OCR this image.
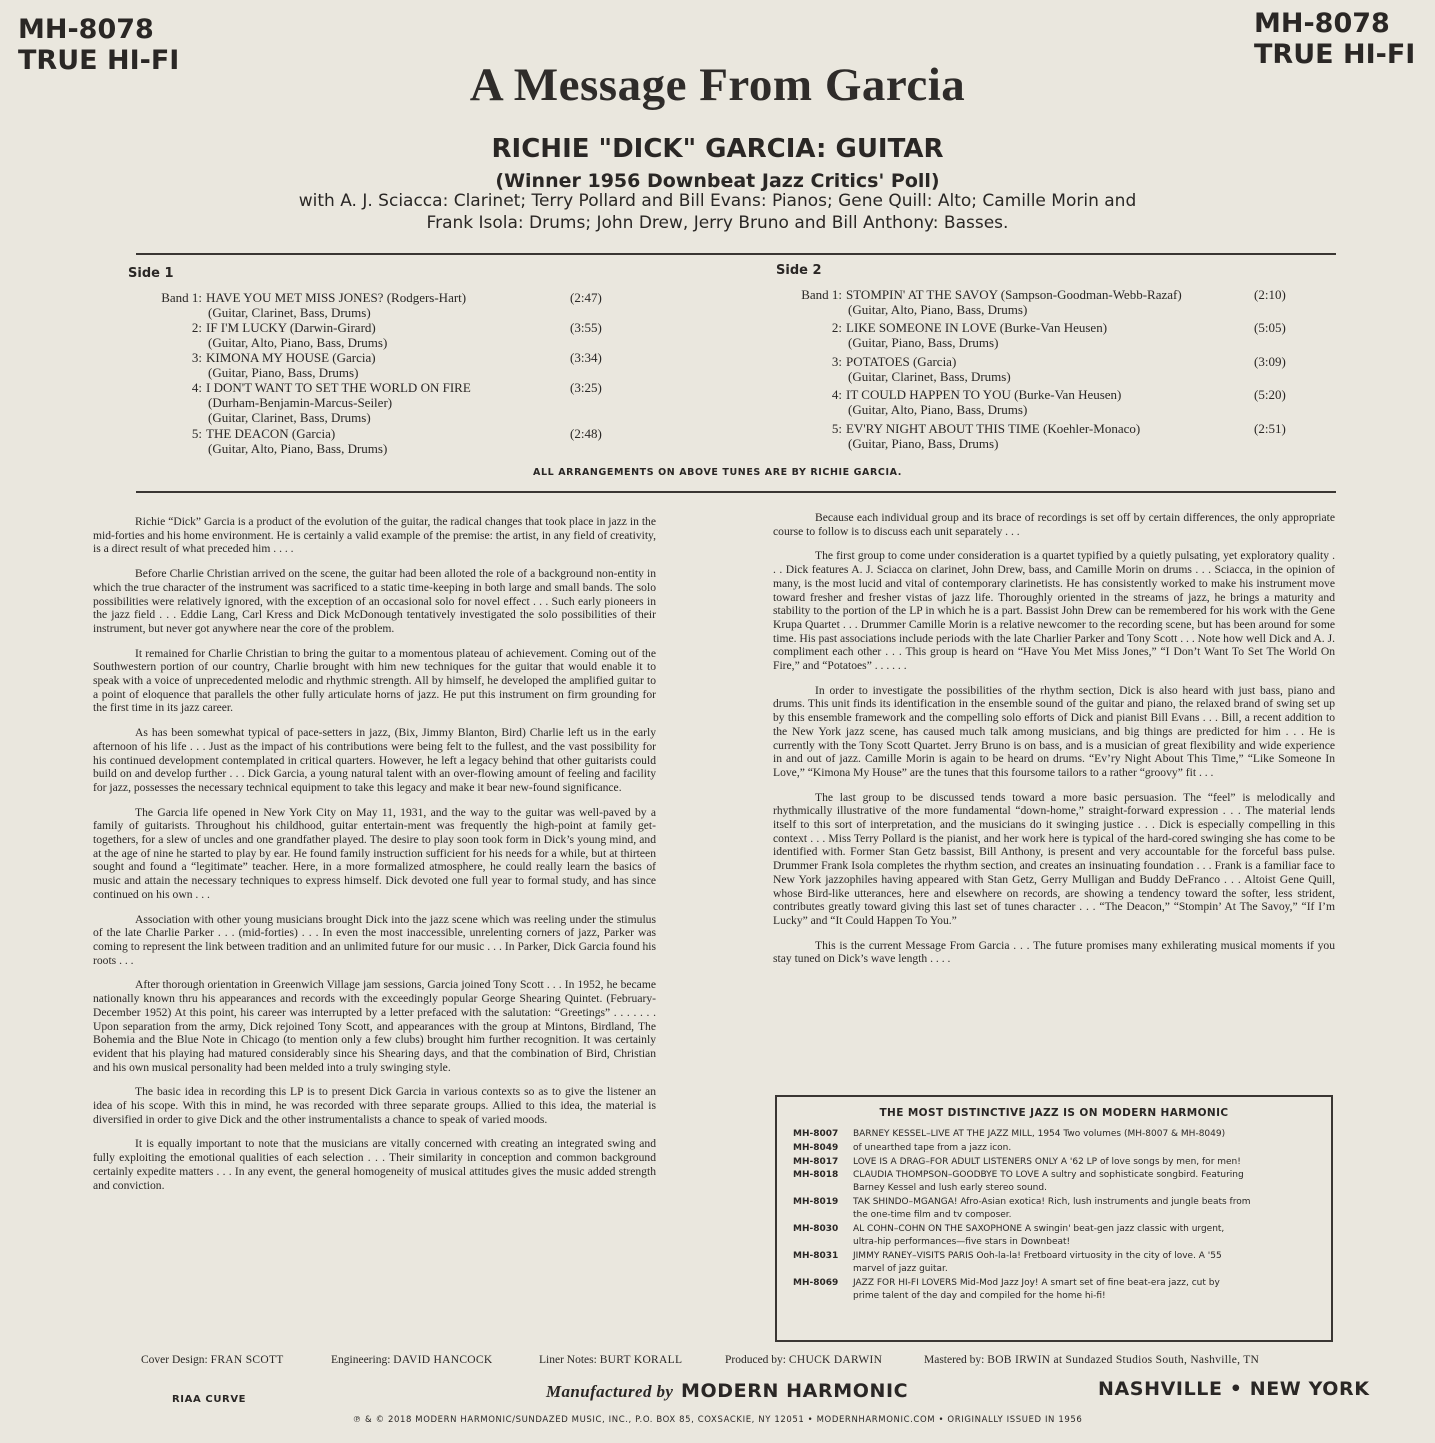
MH-8078
TRUE HI-FI
MH-8078
TRUE HI-FI
A Message From Garcia
RICHIE "DICK" GARCIA: GUITAR
(Winner 1956 Downbeat Jazz Critics' Poll)
with A. J. Sciacca: Clarinet; Terry Pollard and Bill Evans: Pianos; Gene Quill: Alto; Camille Morin and
Frank Isola: Drums; John Drew, Jerry Bruno and Bill Anthony: Basses.
Side 1
Band 1: HAVE YOU MET MISS JONES? (Rodgers-Hart)	(2:47)
(Guitar, Clarinet, Bass, Drums)
2: IF I'M LUCKY (Darwin-Girard)	(3:55)
(Guitar, Alto, Piano, Bass, Drums)
3: KIMONA MY HOUSE (Garcia)	(3:34)
(Guitar, Piano, Bass, Drums)
4: I DON'T WANT TO SET THE WORLD ON FIRE	(3:25)
(Durham-Benjamin-Marcus-Seiler)
(Guitar, Clarinet, Bass, Drums)
5: THE DEACON (Garcia)	(2:48)
(Guitar, Alto, Piano, Bass, Drums)
Side 2
Band 1: STOMPIN' AT THE SAVOY (Sampson-Goodman-Webb-Razaf)	(2:10)
(Guitar, Alto, Piano, Bass, Drums)
2: LIKE SOMEONE IN LOVE (Burke-Van Heusen)	(5:05)
(Guitar, Piano, Bass, Drums)
3: POTATOES (Garcia)	(3:09)
(Guitar, Clarinet, Bass, Drums)
4: IT COULD HAPPEN TO YOU (Burke-Van Heusen)	(5:20)
(Guitar, Alto, Piano, Bass, Drums)
5: EV'RY NIGHT ABOUT THIS TIME (Koehler-Monaco)	(2:51)
(Guitar, Piano, Bass, Drums)
ALL ARRANGEMENTS ON ABOVE TUNES ARE BY RICHIE GARCIA.

Richie “Dick” Garcia is a product of the evolution of the guitar, the radical changes that took place in jazz in the mid-forties and his home environment. He is certainly a valid example of the premise: the artist, in any field of creativity, is a direct result of what preceded him . . . .

Before Charlie Christian arrived on the scene, the guitar had been alloted the role of a background non-entity in which the true character of the instrument was sacrificed to a static time-keeping in both large and small bands. The solo possibilities were relatively ignored, with the exception of an occasional solo for novel effect . . . Such early pioneers in the jazz field . . . Eddie Lang, Carl Kress and Dick McDonough tentatively investigated the solo possibilities of their instrument, but never got anywhere near the core of the problem.

It remained for Charlie Christian to bring the guitar to a momentous plateau of achievement. Coming out of the Southwestern portion of our country, Charlie brought with him new techniques for the guitar that would enable it to speak with a voice of unprecedented melodic and rhythmic strength. All by himself, he developed the amplified guitar to a point of eloquence that parallels the other fully articulate horns of jazz. He put this instrument on firm grounding for the first time in its jazz career.

As has been somewhat typical of pace-setters in jazz, (Bix, Jimmy Blanton, Bird) Charlie left us in the early afternoon of his life . . . Just as the impact of his contributions were being felt to the fullest, and the vast possibility for his continued development contemplated in critical quarters. However, he left a legacy behind that other guitarists could build on and develop further . . . Dick Garcia, a young natural talent with an over-flowing amount of feeling and facility for jazz, possesses the necessary technical equipment to take this legacy and make it bear new-found significance.

The Garcia life opened in New York City on May 11, 1931, and the way to the guitar was well-paved by a family of guitarists. Throughout his childhood, guitar entertain-ment was frequently the high-point at family get-togethers, for a slew of uncles and one grandfather played. The desire to play soon took form in Dick’s young mind, and at the age of nine he started to play by ear. He found family instruction sufficient for his needs for a while, but at thirteen sought and found a “legitimate” teacher. Here, in a more formalized atmosphere, he could really learn the basics of music and attain the necessary techniques to express himself. Dick devoted one full year to formal study, and has since continued on his own . . .

Association with other young musicians brought Dick into the jazz scene which was reeling under the stimulus of the late Charlie Parker . . . (mid-forties) . . . In even the most inaccessible, unrelenting corners of jazz, Parker was coming to represent the link between tradition and an unlimited future for our music . . . In Parker, Dick Garcia found his roots . . .

After thorough orientation in Greenwich Village jam sessions, Garcia joined Tony Scott . . . In 1952, he became nationally known thru his appearances and records with the exceedingly popular George Shearing Quintet. (February-December 1952) At this point, his career was interrupted by a letter prefaced with the salutation: “Greetings” . . . . . . . Upon separation from the army, Dick rejoined Tony Scott, and appearances with the group at Mintons, Birdland, The Bohemia and the Blue Note in Chicago (to mention only a few clubs) brought him further recognition. It was certainly evident that his playing had matured considerably since his Shearing days, and that the combination of Bird, Christian and his own musical personality had been melded into a truly swinging style.

The basic idea in recording this LP is to present Dick Garcia in various contexts so as to give the listener an idea of his scope. With this in mind, he was recorded with three separate groups. Allied to this idea, the material is diversified in order to give Dick and the other instrumentalists a chance to speak of varied moods.

It is equally important to note that the musicians are vitally concerned with creating an integrated swing and fully exploiting the emotional qualities of each selection . . . Their similarity in conception and common background certainly expedite matters . . . In any event, the general homogeneity of musical attitudes gives the music added strength and conviction.

Because each individual group and its brace of recordings is set off by certain differences, the only appropriate course to follow is to discuss each unit separately . . .

The first group to come under consideration is a quartet typified by a quietly pulsating, yet exploratory quality . . . Dick features A. J. Sciacca on clarinet, John Drew, bass, and Camille Morin on drums . . . Sciacca, in the opinion of many, is the most lucid and vital of contemporary clarinetists. He has consistently worked to make his instrument move toward fresher and fresher vistas of jazz life. Thoroughly oriented in the streams of jazz, he brings a maturity and stability to the portion of the LP in which he is a part. Bassist John Drew can be remembered for his work with the Gene Krupa Quartet . . . Drummer Camille Morin is a relative newcomer to the recording scene, but has been around for some time. His past associations include periods with the late Charlier Parker and Tony Scott . . . Note how well Dick and A. J. compliment each other . . . This group is heard on “Have You Met Miss Jones,” “I Don’t Want To Set The World On Fire,” and “Potatoes” . . . . . .

In order to investigate the possibilities of the rhythm section, Dick is also heard with just bass, piano and drums. This unit finds its identification in the ensemble sound of the guitar and piano, the relaxed brand of swing set up by this ensemble framework and the compelling solo efforts of Dick and pianist Bill Evans . . . Bill, a recent addition to the New York jazz scene, has caused much talk among musicians, and big things are predicted for him . . . He is currently with the Tony Scott Quartet. Jerry Bruno is on bass, and is a musician of great flexibility and wide experience in and out of jazz. Camille Morin is again to be heard on drums. “Ev’ry Night About This Time,” “Like Someone In Love,” “Kimona My House” are the tunes that this foursome tailors to a rather “groovy” fit . . .

The last group to be discussed tends toward a more basic persuasion. The “feel” is melodically and rhythmically illustrative of the more fundamental “down-home,” straight-forward expression . . . The material lends itself to this sort of interpretation, and the musicians do it swinging justice . . . Dick is especially compelling in this context . . . Miss Terry Pollard is the pianist, and her work here is typical of the hard-cored swinging she has come to be identified with. Former Stan Getz bassist, Bill Anthony, is present and very accountable for the forceful bass pulse. Drummer Frank Isola completes the rhythm section, and creates an insinuating foundation . . . Frank is a familiar face to New York jazzophiles having appeared with Stan Getz, Gerry Mulligan and Buddy DeFranco . . . Altoist Gene Quill, whose Bird-like utterances, here and elsewhere on records, are showing a tendency toward the softer, less strident, contributes greatly toward giving this last set of tunes character . . . “The Deacon,” “Stompin’ At The Savoy,” “If I’m Lucky” and “It Could Happen To You.”

This is the current Message From Garcia . . . The future promises many exhilerating musical moments if you stay tuned on Dick’s wave length . . . .

THE MOST DISTINCTIVE JAZZ IS ON MODERN HARMONIC
MH-8007	BARNEY KESSEL–LIVE AT THE JAZZ MILL, 1954 Two volumes (MH-8007 & MH-8049)
MH-8049	of unearthed tape from a jazz icon.
MH-8017	LOVE IS A DRAG–FOR ADULT LISTENERS ONLY A '62 LP of love songs by men, for men!
MH-8018	CLAUDIA THOMPSON–GOODBYE TO LOVE A sultry and sophisticate songbird. Featuring
Barney Kessel and lush early stereo sound.
MH-8019	TAK SHINDO–MGANGA! Afro-Asian exotica! Rich, lush instruments and jungle beats from
the one-time film and tv composer.
MH-8030	AL COHN–COHN ON THE SAXOPHONE A swingin' beat-gen jazz classic with urgent,
ultra-hip performances—five stars in Downbeat!
MH-8031	JIMMY RANEY–VISITS PARIS Ooh-la-la! Fretboard virtuosity in the city of love. A '55
marvel of jazz guitar.
MH-8069	JAZZ FOR HI-FI LOVERS Mid-Mod Jazz Joy! A smart set of fine beat-era jazz, cut by
prime talent of the day and compiled for the home hi-fi!
Cover Design: FRAN SCOTT	Engineering: DAVID HANCOCK	Liner Notes: BURT KORALL	Produced by: CHUCK DARWIN	Mastered by: BOB IRWIN at Sundazed Studios South, Nashville, TN
RIAA CURVE	Manufactured by MODERN HARMONIC	NASHVILLE • NEW YORK
℗ & © 2018 MODERN HARMONIC/SUNDAZED MUSIC, INC., P.O. BOX 85, COXSACKIE, NY 12051 • MODERNHARMONIC.COM • ORIGINALLY ISSUED IN 1956
